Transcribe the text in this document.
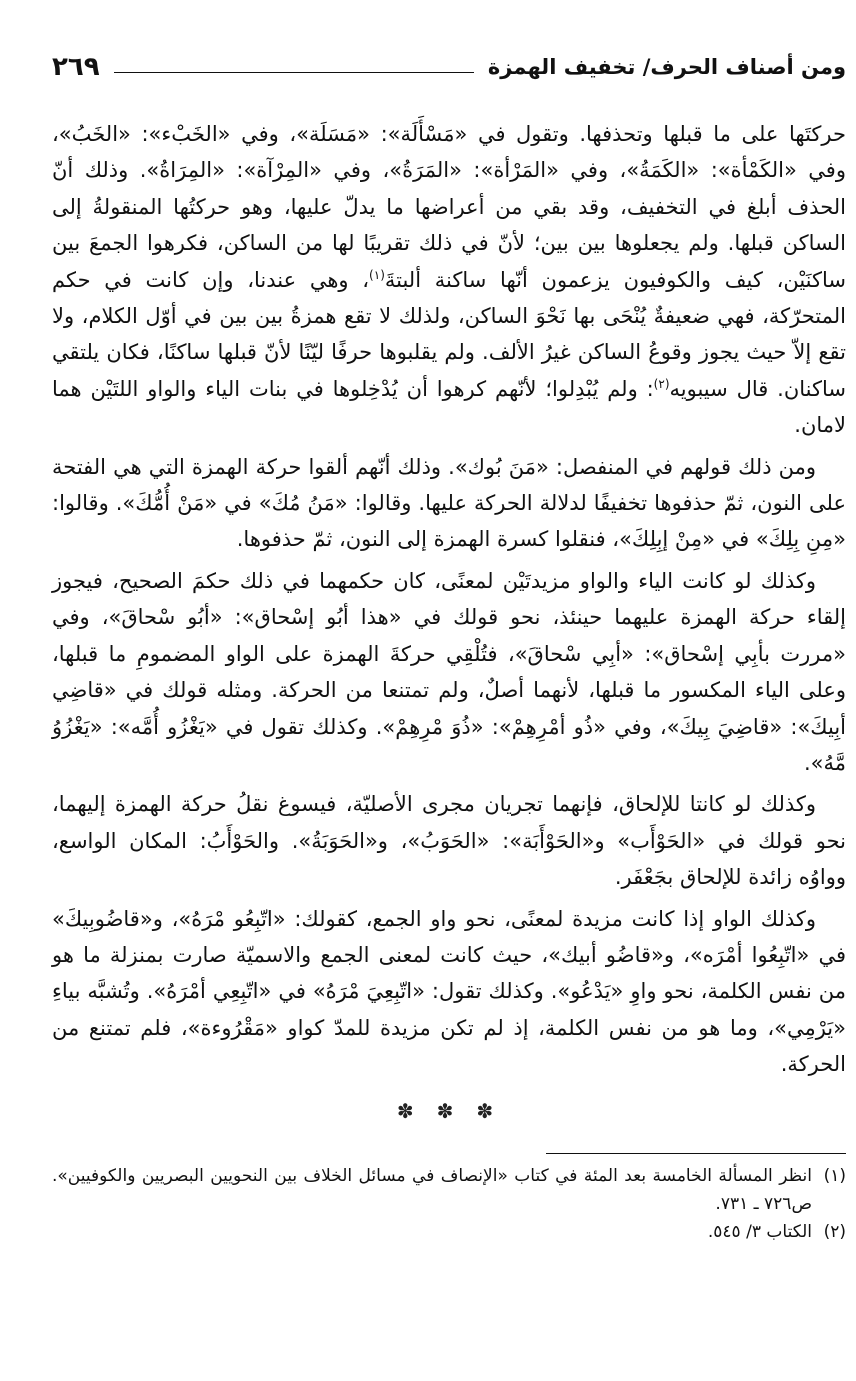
ومن أصناف الحرف/ تخفيف الهمزة
٢٦٩

حركتَها على ما قبلها وتحذفها. وتقول في «مَسْأَلَة»: «مَسَلَة»، وفي «الخَبْء»: «الخَبُ»، وفي «الكَمْأة»: «الكَمَةُ»، وفي «المَرْأة»: «المَرَةُ»، وفي «المِرْآة»: «المِرَاةُ». وذلك أنّ الحذف أبلغ في التخفيف، وقد بقي من أعراضها ما يدلّ عليها، وهو حركتُها المنقولةُ إلى الساكن قبلها. ولم يجعلوها بين بين؛ لأنّ في ذلك تقريبًا لها من الساكن، فكرهوا الجمعَ بين ساكنَيْن، كيف والكوفيون يزعمون أنّها ساكنة ألبتةَ$^{(١)}$، وهي عندنا، وإن كانت في حكم المتحرّكة، فهي ضعيفةٌ يُنْحَى بها نَحْوَ الساكن، ولذلك لا تقع همزةُ بين بين في أوّل الكلام، ولا تقع إلاّ حيث يجوز وقوعُ الساكن غيرُ الألف. ولم يقلبوها حرفًا ليّنًا لأنّ قبلها ساكنًا، فكان يلتقي ساكنان. قال سيبويه$^{(٢)}$: ولم يُبْدِلوا؛ لأنّهم كرهوا أن يُدْخِلوها في بنات الياء والواو اللتَيْن هما لامان.

ومن ذلك قولهم في المنفصل: «مَنَ بُوك». وذلك أنّهم ألقوا حركة الهمزة التي هي الفتحة على النون، ثمّ حذفوها تخفيفًا لدلالة الحركة عليها. وقالوا: «مَنُ مُكَ» في «مَنْ أُمُّكَ». وقالوا: «مِنِ بِلِكَ» في «مِنْ إبِلِكَ»، فنقلوا كسرة الهمزة إلى النون، ثمّ حذفوها.

وكذلك لو كانت الياء والواو مزيدتَيْن لمعنًى، كان حكمهما في ذلك حكمَ الصحيح، فيجوز إلقاء حركة الهمزة عليهما حينئذ، نحو قولك في «هذا أبُو إسْحاق»: «أبُو سْحاقَ»، وفي «مررت بأبِي إسْحاق»: «أبِي سْحاقَ»، فتُلْقِي حركةَ الهمزة على الواو المضمومِ ما قبلها، وعلى الياء المكسور ما قبلها، لأنهما أصلٌ، ولم تمتنعا من الحركة. ومثله قولك في «قاضِي أبِيكَ»: «قاضِيَ بِيكَ»، وفي «ذُو أمْرِهِمْ»: «ذُوَ مْرِهِمْ». وكذلك تقول في «يَغْزُو أُمَّه»: «يَغْزُوُ مَّهُ».

وكذلك لو كانتا للإلحاق، فإنهما تجريان مجرى الأصليّة، فيسوغ نقلُ حركة الهمزة إليهما، نحو قولك في «الحَوْأَب» و«الحَوْأَبَة»: «الحَوَبُ»، و«الحَوَبَةُ». والحَوْأَبُ: المكان الواسع، وواوُه زائدة للإلحاق بجَعْفَر.

وكذلك الواو إذا كانت مزيدة لمعنًى، نحو واو الجمع، كقولك: «اتّبِعُو مْرَهُ»، و«قاضُوبِيكَ» في «اتّبِعُوا أمْرَه»، و«قاضُو أبيك»، حيث كانت لمعنى الجمع والاسميّة صارت بمنزلة ما هو من نفس الكلمة، نحو واوِ «يَدْعُو». وكذلك تقول: «اتّبِعِيَ مْرَهُ» في «اتّبِعِي أمْرَهُ». وتُشبَّه بياءِ «يَرْمِي»، وما هو من نفس الكلمة، إذ لم تكن مزيدة للمدّ كواو «مَقْرُوءة»، فلم تمتنع من الحركة.

✽ ✽ ✽
(١)
انظر المسألة الخامسة بعد المئة في كتاب «الإنصاف في مسائل الخلاف بين النحويين البصريين والكوفيين». ص٧٢٦ ـ ٧٣١.
(٢)
الكتاب ٣/ ٥٤٥.
